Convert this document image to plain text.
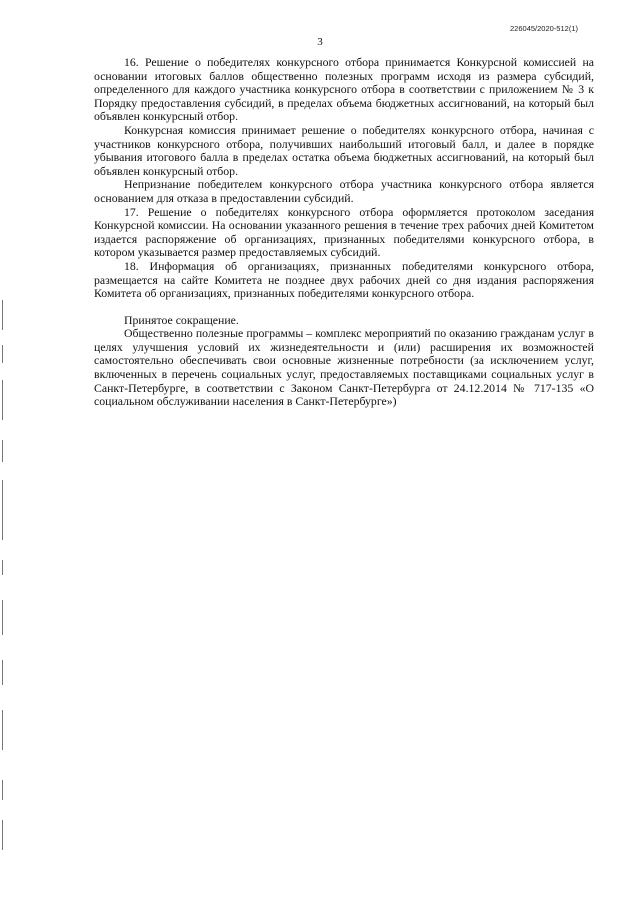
226045/2020-512(1)
3

16. Решение о победителях конкурсного отбора принимается Конкурсной комиссией на основании итоговых баллов общественно полезных программ исходя из размера субсидий, определенного для каждого участника конкурсного отбора в соответствии с приложением № 3 к Порядку предоставления субсидий, в пределах объема бюджетных ассигнований, на который был объявлен конкурсный отбор.

Конкурсная комиссия принимает решение о победителях конкурсного отбора, начиная с участников конкурсного отбора, получивших наибольший итоговый балл, и далее в порядке убывания итогового балла в пределах остатка объема бюджетных ассигнований, на который был объявлен конкурсный отбор.

Непризнание победителем конкурсного отбора участника конкурсного отбора является основанием для отказа в предоставлении субсидий.

17. Решение о победителях конкурсного отбора оформляется протоколом заседания Конкурсной комиссии. На основании указанного решения в течение трех рабочих дней Комитетом издается распоряжение об организациях, признанных победителями конкурсного отбора, в котором указывается размер предоставляемых субсидий.

18. Информация об организациях, признанных победителями конкурсного отбора, размещается на сайте Комитета не позднее двух рабочих дней со дня издания распоряжения Комитета об организациях, признанных победителями конкурсного отбора.

Принятое сокращение.

Общественно полезные программы – комплекс мероприятий по оказанию гражданам услуг в целях улучшения условий их жизнедеятельности и (или) расширения их возможностей самостоятельно обеспечивать свои основные жизненные потребности (за исключением услуг, включенных в перечень социальных услуг, предоставляемых поставщиками социальных услуг в Санкт-Петербурге, в соответствии с Законом Санкт-Петербурга от 24.12.2014 № 717-135 «О социальном обслуживании населения в Санкт-Петербурге»)
